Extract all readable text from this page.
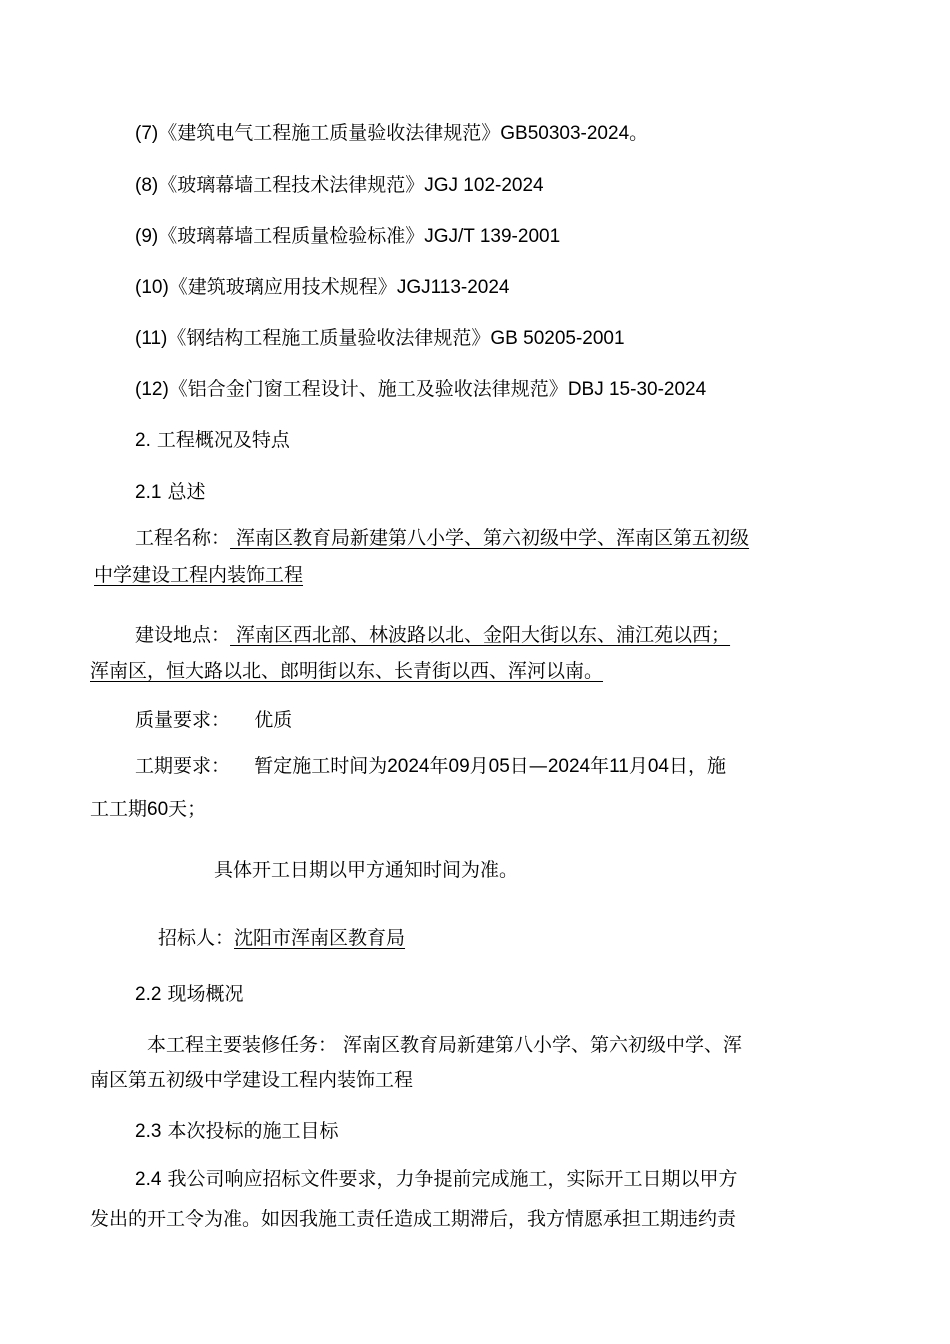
(7)《建筑电气工程施工质量验收法律规范》GB50303-2024。
(8)《玻璃幕墙工程技术法律规范》JGJ 102-2024
(9)《玻璃幕墙工程质量检验标准》JGJ/T 139-2001
(10)《建筑玻璃应用技术规程》JGJ113-2024
(11)《钢结构工程施工质量验收法律规范》GB 50205-2001
(12)《铝合金门窗工程设计、施工及验收法律规范》DBJ 15-30-2024
2. 工程概况及特点
2.1 总述
工程名称： 浑南区教育局新建第八小学、第六初级中学、浑南区第五初级
中学建设工程内装饰工程
建设地点： 浑南区西北部、林波路以北、金阳大街以东、浦江苑以西；
浑南区，恒大路以北、郎明街以东、长青街以西、浑河以南。
质量要求： 优质
工期要求： 暂定施工时间为2024年09月05日—2024年11月04日，施
工工期60天；
具体开工日期以甲方通知时间为准。
招标人：沈阳市浑南区教育局
2.2 现场概况
本工程主要装修任务： 浑南区教育局新建第八小学、第六初级中学、浑
南区第五初级中学建设工程内装饰工程
2.3 本次投标的施工目标
2.4 我公司响应招标文件要求，力争提前完成施工，实际开工日期以甲方
发出的开工令为准。如因我施工责任造成工期滞后，我方情愿承担工期违约责
